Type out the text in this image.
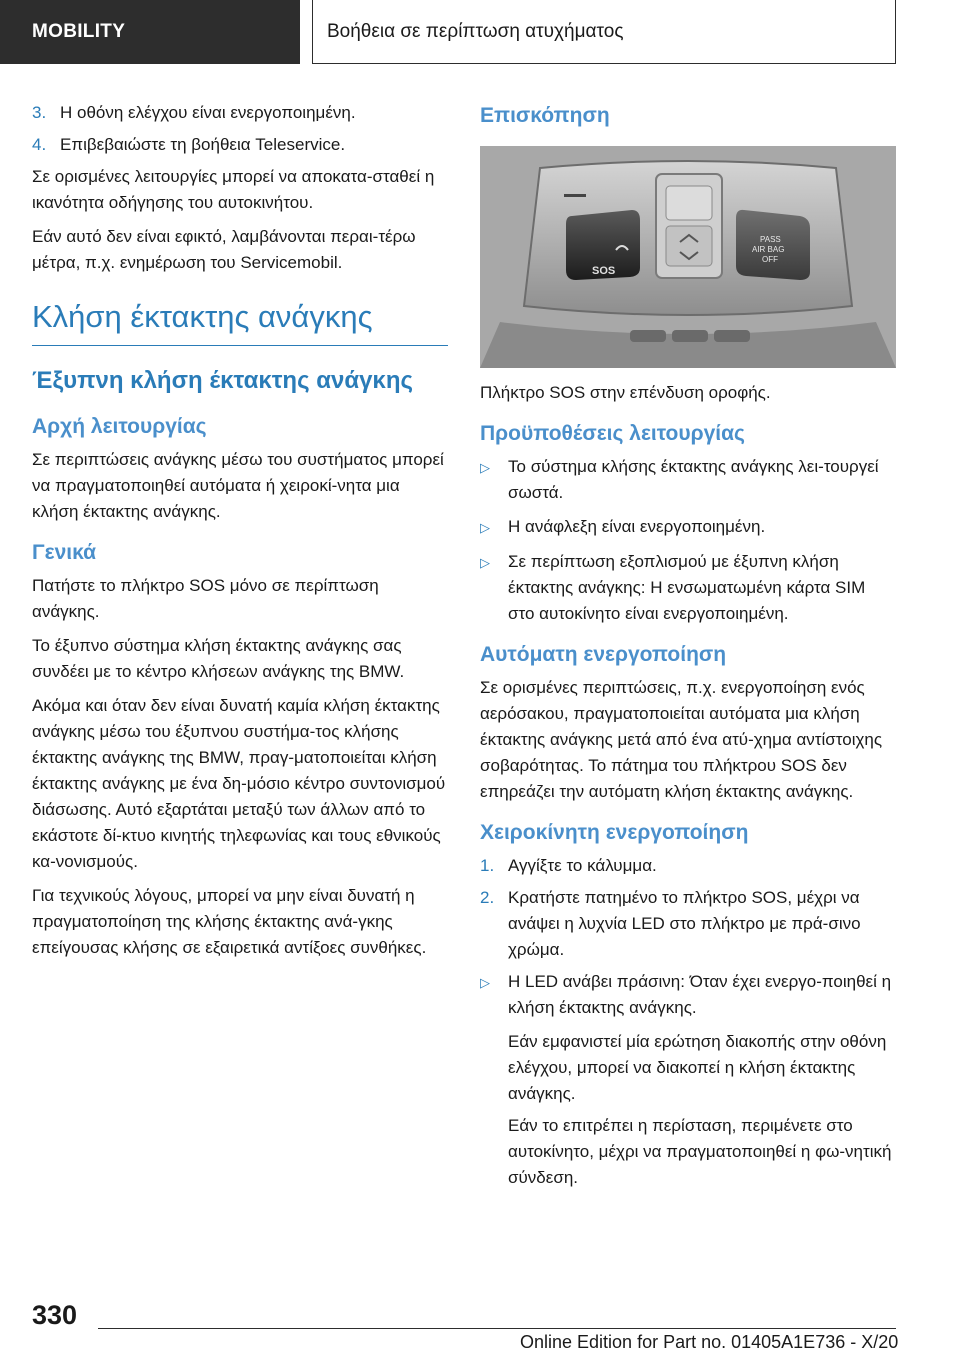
MOBILITY	Βοήθεια σε περίπτωση ατυχήματος
3. Η οθόνη ελέγχου είναι ενεργοποιημένη.
4. Επιβεβαιώστε τη βοήθεια Teleservice.

Σε ορισμένες λειτουργίες μπορεί να αποκατα-σταθεί η ικανότητα οδήγησης του αυτοκινήτου.

Εάν αυτό δεν είναι εφικτό, λαμβάνονται περαι-τέρω μέτρα, π.χ. ενημέρωση του Servicemobil.

Κλήση έκτακτης ανάγκης
Έξυπνη κλήση έκτακτης ανάγκης
Αρχή λειτουργίας

Σε περιπτώσεις ανάγκης μέσω του συστήματος μπορεί να πραγματοποιηθεί αυτόματα ή χειροκί-νητα μια κλήση έκτακτης ανάγκης.

Γενικά

Πατήστε το πλήκτρο SOS μόνο σε περίπτωση ανάγκης.

Το έξυπνο σύστημα κλήση έκτακτης ανάγκης σας συνδέει με το κέντρο κλήσεων ανάγκης της BMW.

Ακόμα και όταν δεν είναι δυνατή καμία κλήση έκτακτης ανάγκης μέσω του έξυπνου συστήμα-τος κλήσης έκτακτης ανάγκης της BMW, πραγ-ματοποιείται κλήση έκτακτης ανάγκης με ένα δη-μόσιο κέντρο συντονισμού διάσωσης. Αυτό εξαρτάται μεταξύ των άλλων από το εκάστοτε δί-κτυο κινητής τηλεφωνίας και τους εθνικούς κα-νονισμούς.

Για τεχνικούς λόγους, μπορεί να μην είναι δυνατή η πραγματοποίηση της κλήσης έκτακτης ανά-γκης επείγουσας κλήσης σε εξαιρετικά αντίξοες συνθήκες.

Επισκόπηση
SOS
PASS
AIR BAG
OFF

Πλήκτρο SOS στην επένδυση οροφής.

Προϋποθέσεις λειτουργίας
▷	Το σύστημα κλήσης έκτακτης ανάγκης λει-τουργεί σωστά.
▷	Η ανάφλεξη είναι ενεργοποιημένη.
▷	Σε περίπτωση εξοπλισμού με έξυπνη κλήση έκτακτης ανάγκης: Η ενσωματωμένη κάρτα SIM στο αυτοκίνητο είναι ενεργοποιημένη.
Αυτόματη ενεργοποίηση

Σε ορισμένες περιπτώσεις, π.χ. ενεργοποίηση ενός αερόσακου, πραγματοποιείται αυτόματα μια κλήση έκτακτης ανάγκης μετά από ένα ατύ-χημα αντίστοιχης σοβαρότητας. Το πάτημα του πλήκτρου SOS δεν επηρεάζει την αυτόματη κλήση έκτακτης ανάγκης.

Χειροκίνητη ενεργοποίηση
1. Αγγίξτε το κάλυμμα.
2. Κρατήστε πατημένο το πλήκτρο SOS, μέχρι να ανάψει η λυχνία LED στο πλήκτρο με πρά-σινο χρώμα.
▷	Η LED ανάβει πράσινη: Όταν έχει ενεργο-ποιηθεί η κλήση έκτακτης ανάγκης.

Εάν εμφανιστεί μία ερώτηση διακοπής στην οθόνη ελέγχου, μπορεί να διακοπεί η κλήση έκτακτης ανάγκης.

Εάν το επιτρέπει η περίσταση, περιμένετε στο αυτοκίνητο, μέχρι να πραγματοποιηθεί η φω-νητική σύνδεση.

330
Online Edition for Part no. 01405A1E736 - X/20
